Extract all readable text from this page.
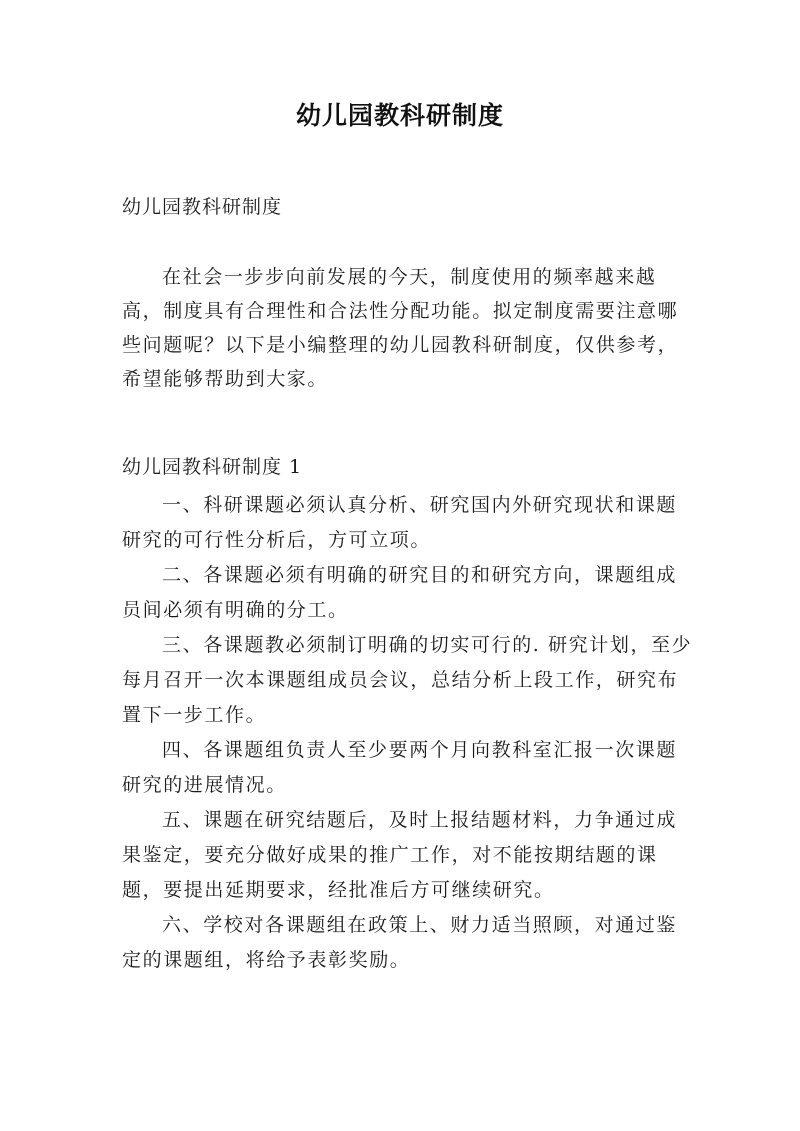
幼儿园教科研制度
幼儿园教科研制度

在社会一步步向前发展的今天，制度使用的频率越来越高，制度具有合理性和合法性分配功能。拟定制度需要注意哪些问题呢？以下是小编整理的幼儿园教科研制度，仅供参考，希望能够帮助到大家。

幼儿园教科研制度 1

一、科研课题必须认真分析、研究国内外研究现状和课题研究的可行性分析后，方可立项。

二、各课题必须有明确的研究目的和研究方向，课题组成员间必须有明确的分工。

三、各课题教必须制订明确的切实可行的. 研究计划，至少每月召开一次本课题组成员会议，总结分析上段工作，研究布置下一步工作。

四、各课题组负责人至少要两个月向教科室汇报一次课题研究的进展情况。

五、课题在研究结题后，及时上报结题材料，力争通过成果鉴定，要充分做好成果的推广工作，对不能按期结题的课题，要提出延期要求，经批准后方可继续研究。

六、学校对各课题组在政策上、财力适当照顾，对通过鉴定的课题组，将给予表彰奖励。
